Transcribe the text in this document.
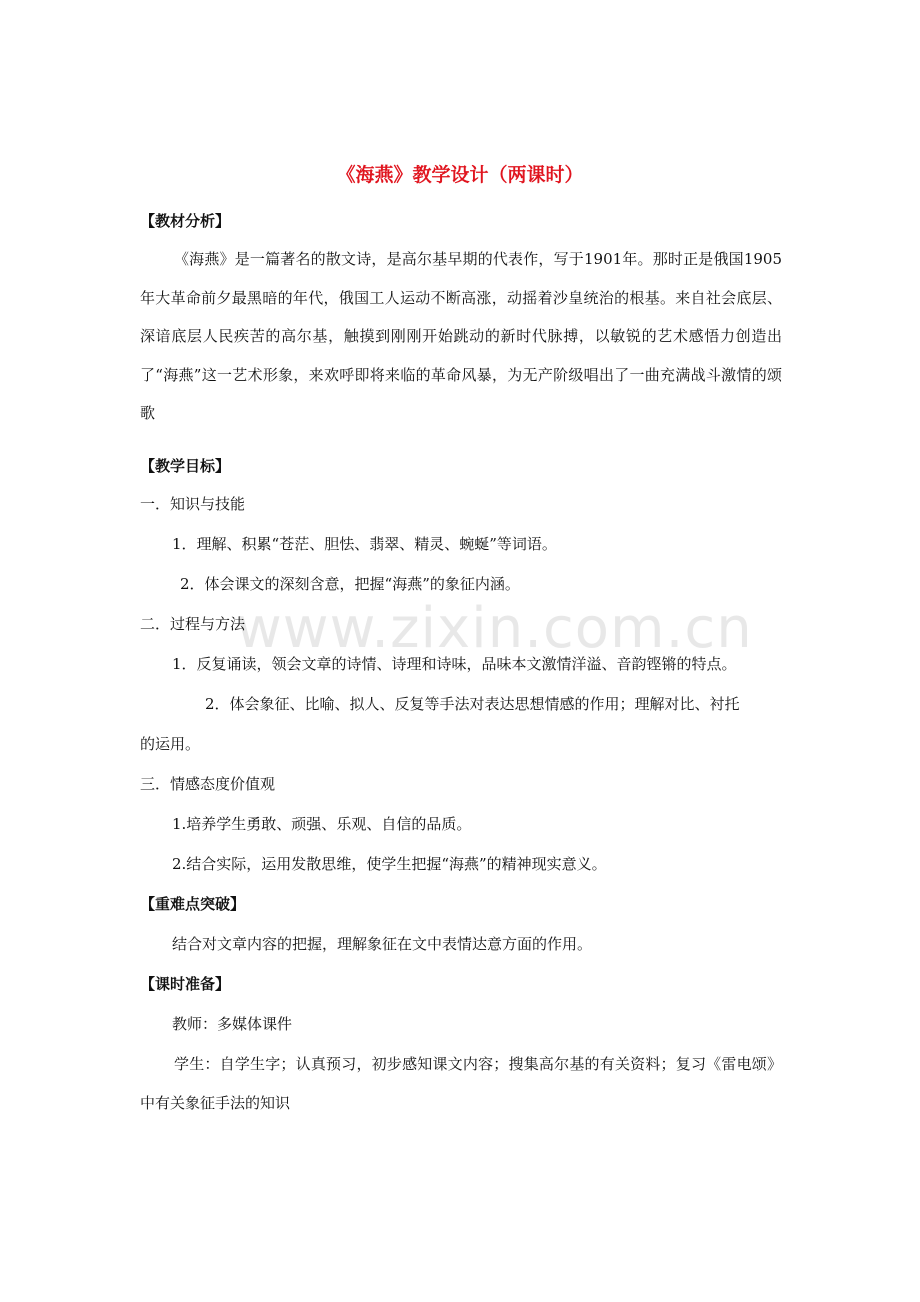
www.zixin.com.cn
《海燕》教学设计（两课时）
【教材分析】
《海燕》是一篇著名的散文诗，是高尔基早期的代表作，写于1901年。那时正是俄国1905年大革命前夕最黑暗的年代，俄国工人运动不断高涨，动摇着沙皇统治的根基。来自社会底层、深谙底层人民疾苦的高尔基，触摸到刚刚开始跳动的新时代脉搏，以敏锐的艺术感悟力创造出了“海燕”这一艺术形象，来欢呼即将来临的革命风暴，为无产阶级唱出了一曲充满战斗激情的颂歌
【教学目标】
一．知识与技能
1．理解、积累“苍茫、胆怯、翡翠、精灵、蜿蜒”等词语。
2．体会课文的深刻含意，把握“海燕”的象征内涵。
二．过程与方法
1．反复诵读，领会文章的诗情、诗理和诗味，品味本文激情洋溢、音韵铿锵的特点。
2．体会象征、比喻、拟人、反复等手法对表达思想情感的作用；理解对比、衬托
的运用。
三．情感态度价值观
1.培养学生勇敢、顽强、乐观、自信的品质。
2.结合实际，运用发散思维，使学生把握“海燕”的精神现实意义。
【重难点突破】
结合对文章内容的把握，理解象征在文中表情达意方面的作用。
【课时准备】
教师：多媒体课件
学生：自学生字；认真预习，初步感知课文内容；搜集高尔基的有关资料；复习《雷电颂》中有关象征手法的知识
